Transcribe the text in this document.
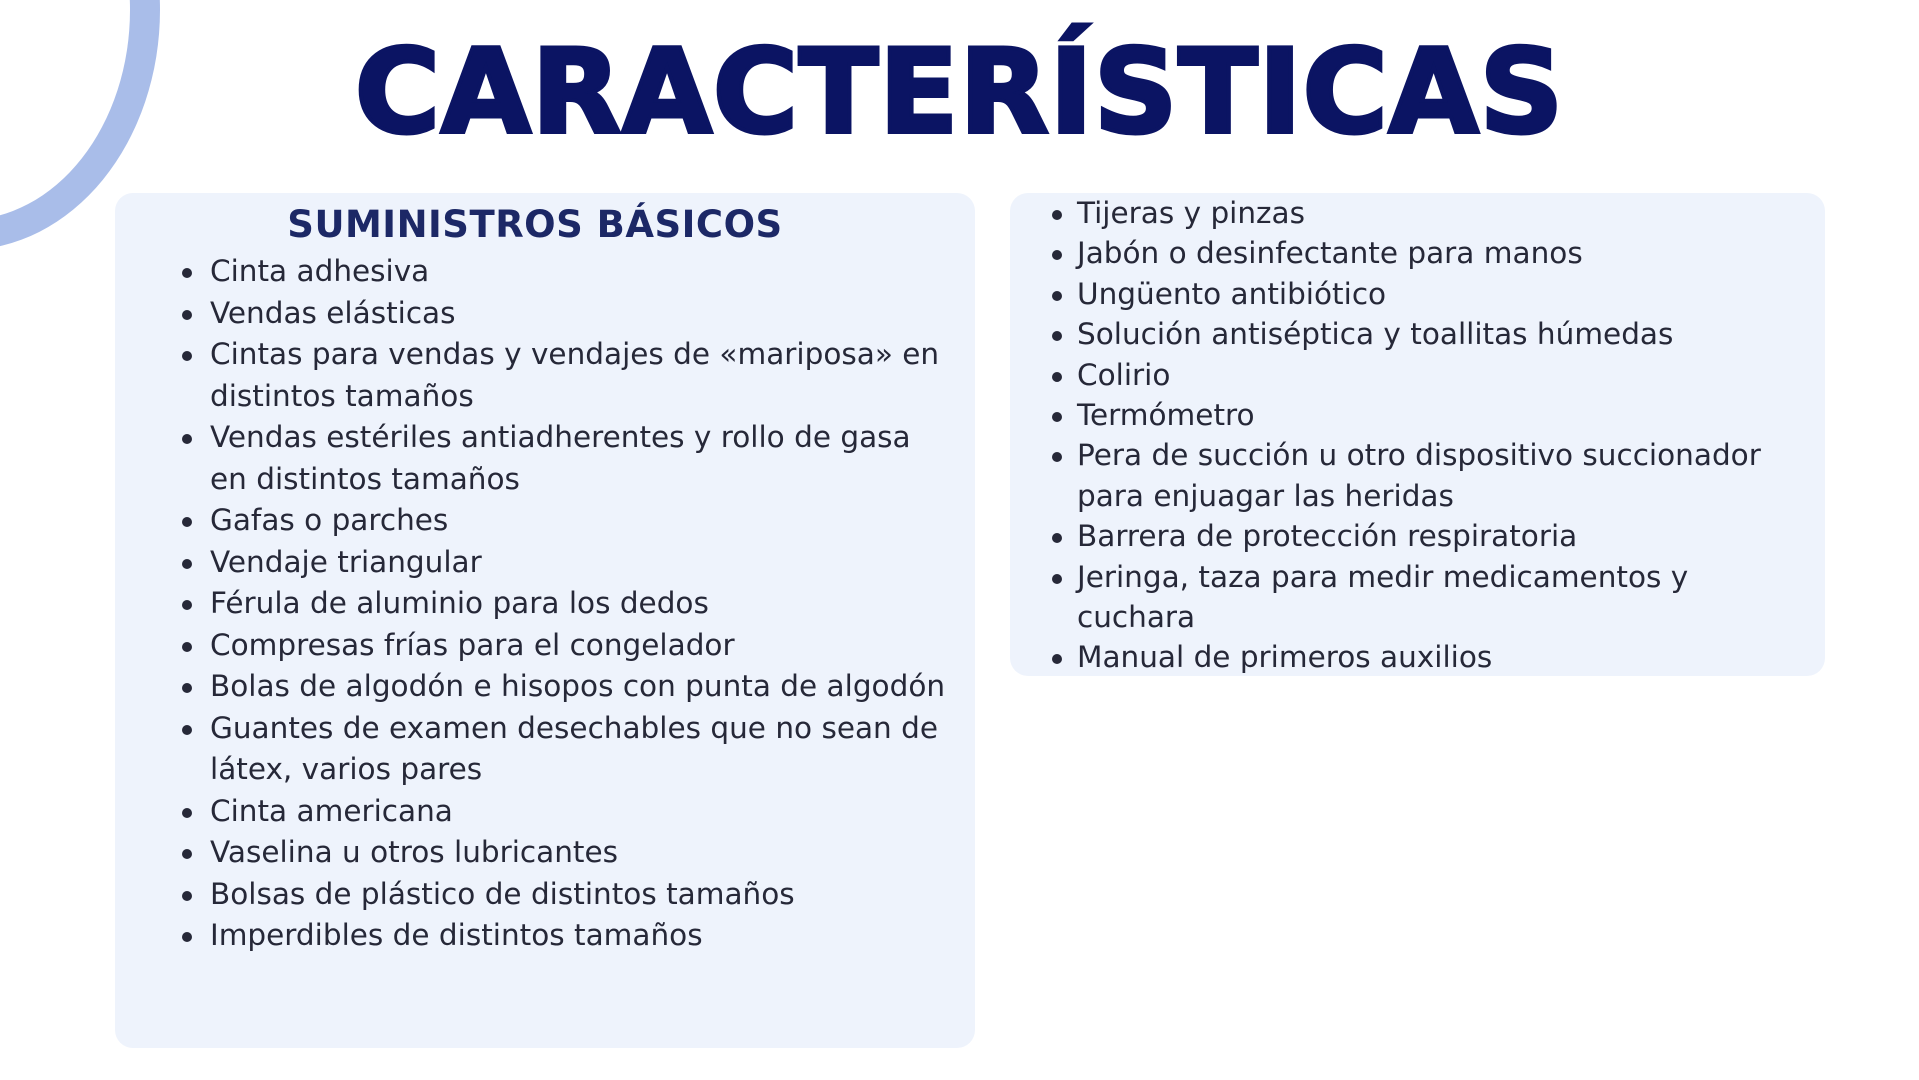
CARACTERÍSTICAS
SUMINISTROS BÁSICOS
Cinta adhesiva
Vendas elásticas
Cintas para vendas y vendajes de «mariposa» en distintos tamaños
Vendas estériles antiadherentes y rollo de gasa en distintos tamaños
Gafas o parches
Vendaje triangular
Férula de aluminio para los dedos
Compresas frías para el congelador
Bolas de algodón e hisopos con punta de algodón
Guantes de examen desechables que no sean de látex, varios pares
Cinta americana
Vaselina u otros lubricantes
Bolsas de plástico de distintos tamaños
Imperdibles de distintos tamaños
Tijeras y pinzas
Jabón o desinfectante para manos
Ungüento antibiótico
Solución antiséptica y toallitas húmedas
Colirio
Termómetro
Pera de succión u otro dispositivo succionador para enjuagar las heridas
Barrera de protección respiratoria
Jeringa, taza para medir medicamentos y cuchara
Manual de primeros auxilios
